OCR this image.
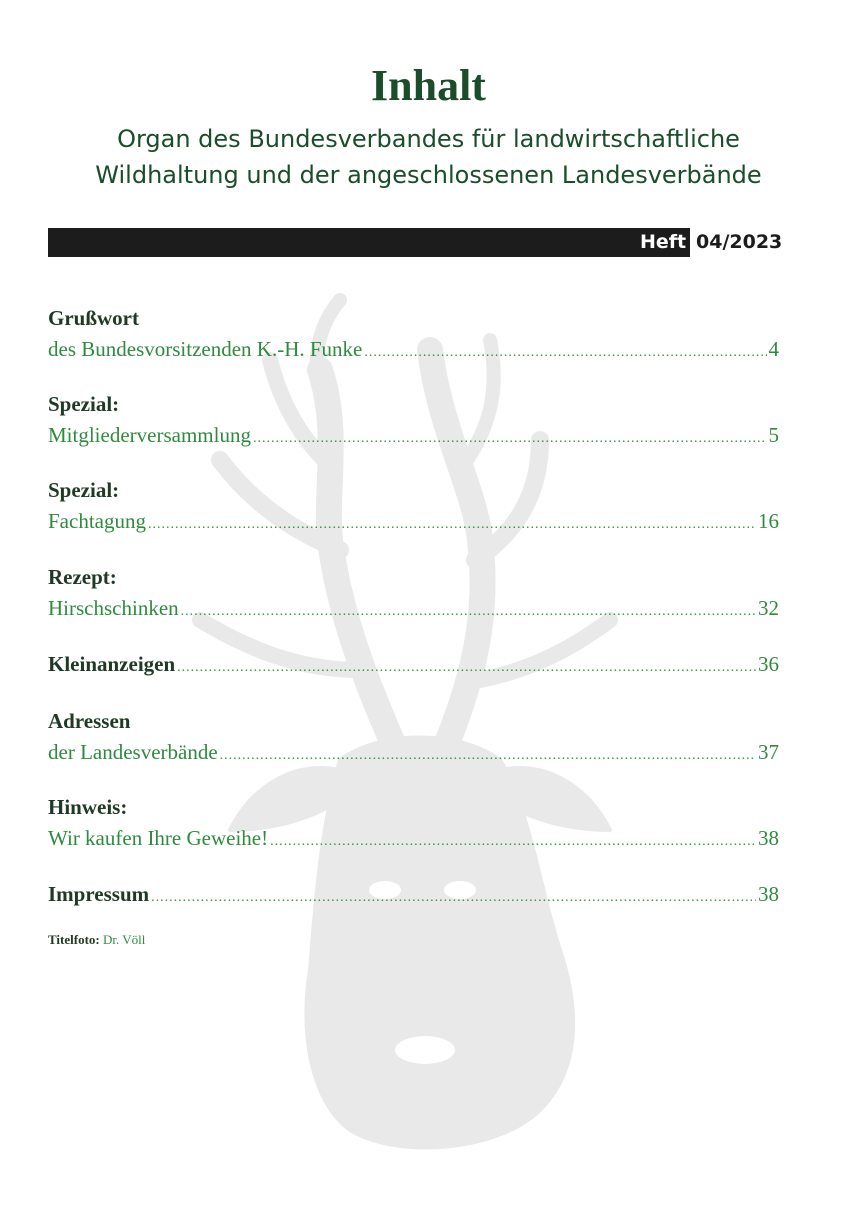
Inhalt
Organ des Bundesverbandes für landwirtschaftliche
Wildhaltung und der angeschlossenen Landesverbände
Heft 04/2023
Grußwort
des Bundesvorsitzenden K.-H. Funke .....	4
Spezial:
Mitgliederversammlung .....	5
Spezial:
Fachtagung .....	16
Rezept:
Hirschschinken .....	32
Kleinanzeigen .....	36
Adressen
der Landesverbände .....	37
Hinweis:
Wir kaufen Ihre Geweihe! .....	38
Impressum .....	38
Titelfoto: Dr. Völl
